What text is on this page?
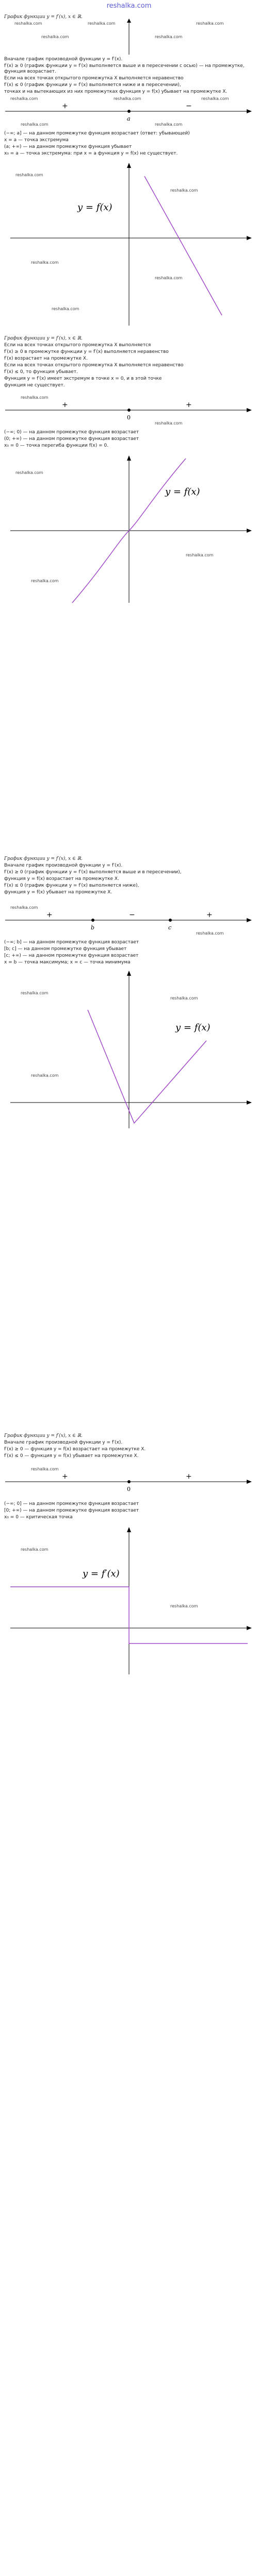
reshalka.com
График функции y = f′(x), x ∈ ℝ.
reshalka.com	reshalka.com	reshalka.com
reshalka.com	reshalka.com
Вначале график производной функции y = f′(x).
f′(x) ≥ 0 (график функции y = f′(x) выполняется выше и в пересечении с осью) — на промежутке, функция возрастает.
Если на всех точках открытого промежутка X выполняется неравенство
f′(x) ≤ 0 (график функции y = f′(x) выполняется ниже и в пересечении),
точках и на вытекающих из них промежутках функция y = f(x) убывает на промежутке X.
reshalka.com	reshalka.com	reshalka.com
+	−
a
reshalka.com	reshalka.com
(−∞; a] — на данном промежутке функция возрастает (ответ: убывающей)
x = a — точка экстремума
(a; +∞) — на данном промежутке функция убывает
x₀ = a — точка экстремума: при x = a функция y = f(x) не существует.
y = f(x)
reshalka.com
reshalka.com
reshalka.com
reshalka.com
reshalka.com
График функции y = f′(x), x ∈ ℝ.
Если на всех точках открытого промежутка X выполняется
f′(x) ≥ 0 в промежутке функции y = f′(x) выполняется неравенство
f′(x) возрастает на промежутке X.
Если на всех точках открытого промежутка X выполняется неравенство
f′(x) ≤ 0, то функция убывает.
Функция y = f′(x) имеет экстремум в точке x = 0, и в этой точке
функция не существует.
+	+
0
reshalka.com
reshalka.com
(−∞; 0) — на данном промежутке функция возрастает
(0; +∞) — на данном промежутке функция возрастает
x₀ = 0 — точка перегиба функции f(x) = 0.
y = f(x)
reshalka.com
reshalka.com
reshalka.com
График функции y = f′(x), x ∈ ℝ.
Вначале график производной функции y = f′(x).
f′(x) ≥ 0 (график функции y = f′(x) выполняется выше и в пересечении),
функция y = f(x) возрастает на промежутке X.
f′(x) ≤ 0 (график функции y = f′(x) выполняется ниже),
функция y = f(x) убывает на промежутке X.
+	−	+
b	c
reshalka.com
reshalka.com
(−∞; b] — на данном промежутке функция возрастает
[b; c] — на данном промежутке функция убывает
[c; +∞) — на данном промежутке функция возрастает
x = b — точка максимума; x = c — точка минимума
y = f(x)
reshalka.com
reshalka.com
reshalka.com
График функции y = f′(x), x ∈ ℝ.
Вначале график производной функции y = f′(x).
f′(x) ≥ 0 — функция y = f(x) возрастает на промежутке X.
f′(x) ≤ 0 — функция y = f(x) убывает на промежутке X.
+	+
0
reshalka.com
(−∞; 0] — на данном промежутке функция возрастает
[0; +∞) — на данном промежутке функция возрастает
x₀ = 0 — критическая точка
y = f′(x)
reshalka.com
reshalka.com
